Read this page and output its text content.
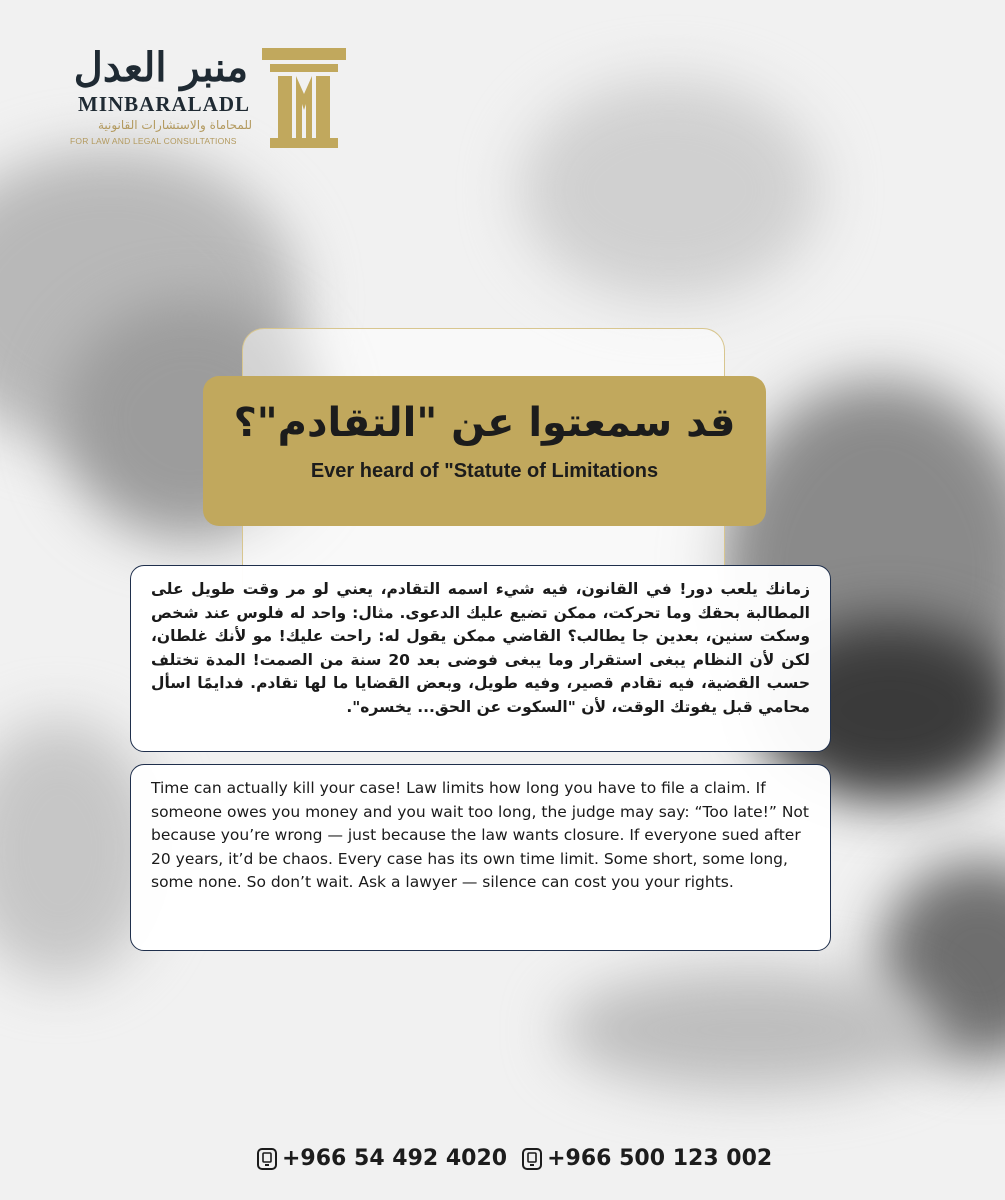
منبر العدل
MINBARALADL
للمحاماة والاستشارات القانونية
FOR LAW AND LEGAL CONSULTATIONS
قد سمعتوا عن "التقادم"؟
Ever heard of "Statute of Limitations
زمانك يلعب دور! في القانون، فيه شيء اسمه التقادم، يعني لو مر وقت طويل على المطالبة بحقك وما تحركت، ممكن تضيع عليك الدعوى. مثال: واحد له فلوس عند شخص وسكت سنين، بعدين جا يطالب؟ القاضي ممكن يقول له: راحت عليك! مو لأنك غلطان، لكن لأن النظام يبغى استقرار وما يبغى فوضى بعد 20 سنة من الصمت! المدة تختلف حسب القضية، فيه تقادم قصير، وفيه طويل، وبعض القضايا ما لها تقادم. فدايمًا اسأل محامي قبل يفوتك الوقت، لأن "السكوت عن الحق... يخسره".
Time can actually kill your case! Law limits how long you have to file a claim. If someone owes you money and you wait too long, the judge may say: “Too late!” Not because you’re wrong — just because the law wants closure. If everyone sued after 20 years, it’d be chaos. Every case has its own time limit. Some short, some long, some none. So don’t wait. Ask a lawyer — silence can cost you your rights.
+966 54 492 4020 +966 500 123 002
